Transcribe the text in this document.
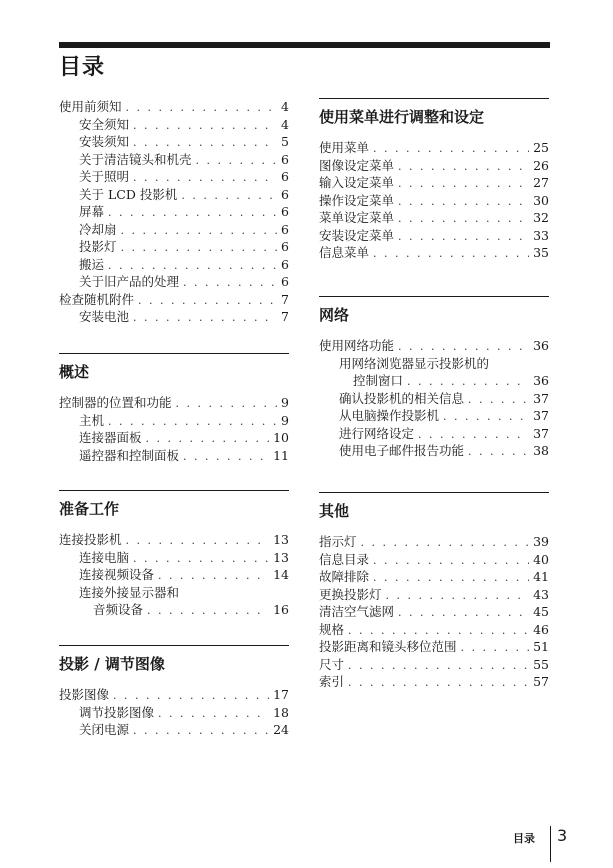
目录
使用前须知 . . .	4
安全须知 . . .	4
安装须知 . . .	5
关于清洁镜头和机壳 . . .	6
关于照明 . . .	6
关于 LCD 投影机 . . .	6
屏幕 . . .	6
冷却扇 . . .	6
投影灯 . . .	6
搬运 . . .	6
关于旧产品的处理 . . .	6
检查随机附件 . . .	7
安装电池 . . .	7
概述
控制器的位置和功能 . . .	9
主机 . . .	9
连接器面板 . . .	10
遥控器和控制面板 . . .	11
准备工作
连接投影机 . . .	13
连接电脑 . . .	13
连接视频设备 . . .	14
连接外接显示器和
音频设备 . . .	16
投影 / 调节图像
投影图像 . . .	17
调节投影图像 . . .	18
关闭电源 . . .	24
使用菜单进行调整和设定
使用菜单 . . .	25
图像设定菜单 . . .	26
输入设定菜单 . . .	27
操作设定菜单 . . .	30
菜单设定菜单 . . .	32
安装设定菜单 . . .	33
信息菜单 . . .	35
网络
使用网络功能 . . .	36
用网络浏览器显示投影机的
控制窗口 . . .	36
确认投影机的相关信息 . . .	37
从电脑操作投影机 . . .	37
进行网络设定 . . .	37
使用电子邮件报告功能 . . .	38
其他
指示灯 . . .	39
信息目录 . . .	40
故障排除 . . .	41
更换投影灯 . . .	43
清洁空气滤网 . . .	45
规格 . . .	46
投影距离和镜头移位范围 . . .	51
尺寸 . . .	55
索引 . . .	57
目录 3
